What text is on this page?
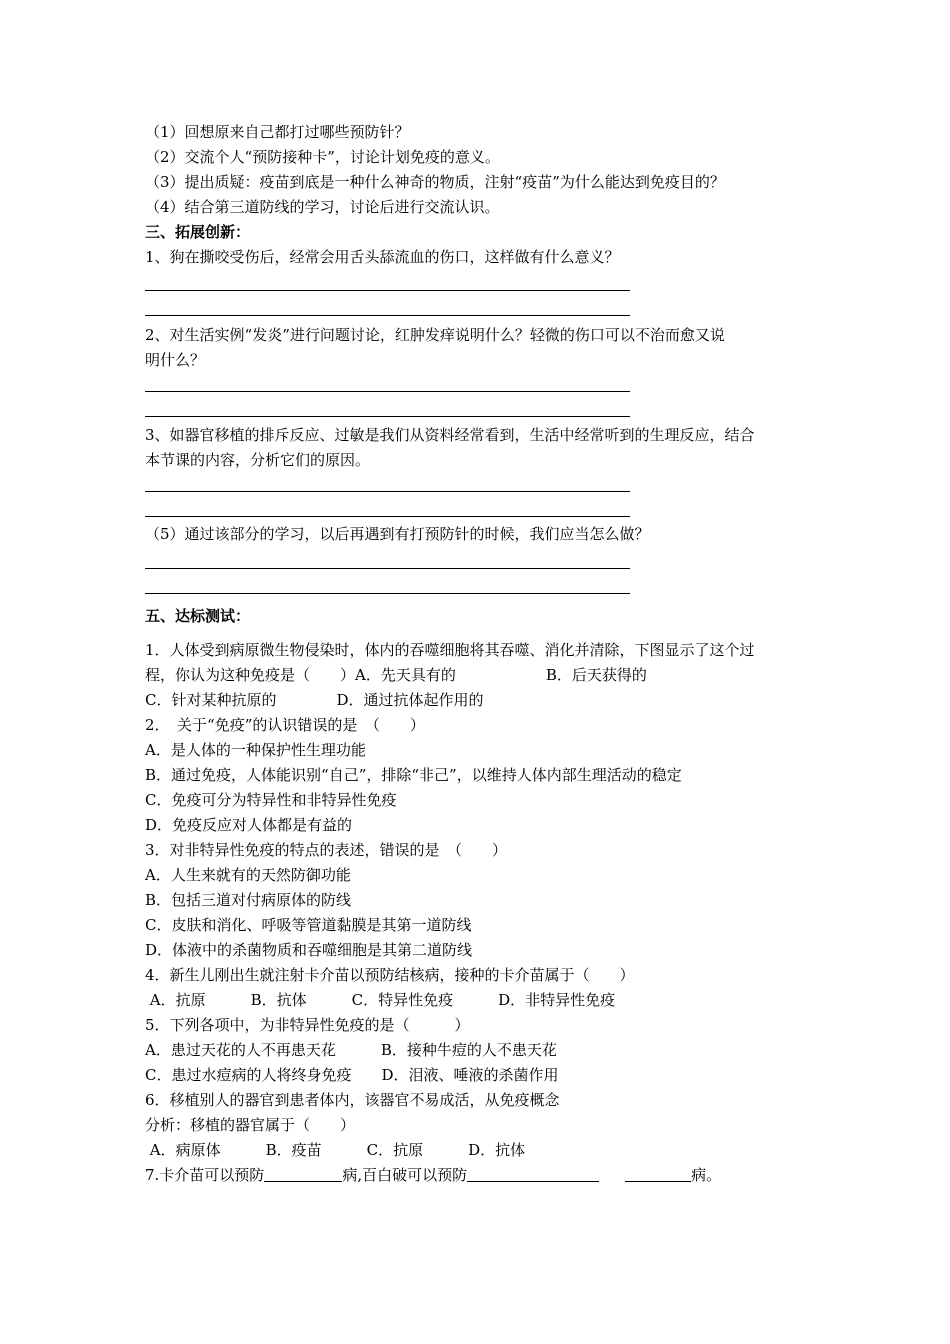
（1）回想原来自己都打过哪些预防针？
（2）交流个人“预防接种卡”，讨论计划免疫的意义。
（3）提出质疑：疫苗到底是一种什么神奇的物质，注射“疫苗”为什么能达到免疫目的？
（4）结合第三道防线的学习，讨论后进行交流认识。
三、拓展创新：
1、狗在撕咬受伤后，经常会用舌头舔流血的伤口，这样做有什么意义？
2、对生活实例“发炎”进行问题讨论，红肿发痒说明什么？轻微的伤口可以不治而愈又说
明什么？
3、如器官移植的排斥反应、过敏是我们从资料经常看到，生活中经常听到的生理反应，结合
本节课的内容，分析它们的原因。
（5）通过该部分的学习，以后再遇到有打预防针的时候，我们应当怎么做？
五、达标测试：
1．人体受到病原微生物侵染时，体内的吞噬细胞将其吞噬、消化并清除，下图显示了这个过
程，你认为这种免疫是（　　）A．先天具有的　　　　　　B．后天获得的
C．针对某种抗原的　　　　D．通过抗体起作用的
2．　关于“免疫”的认识错误的是　（　　）
A．是人体的一种保护性生理功能
B．通过免疫，人体能识别“自己”，排除“非己”，以维持人体内部生理活动的稳定
C．免疫可分为特异性和非特异性免疫
D．免疫反应对人体都是有益的
3．对非特异性免疫的特点的表述，错误的是　（　　）
A．人生来就有的天然防御功能
B．包括三道对付病原体的防线
C．皮肤和消化、呼吸等管道黏膜是其第一道防线
D．体液中的杀菌物质和吞噬细胞是其第二道防线
4．新生儿刚出生就注射卡介苗以预防结核病，接种的卡介苗属于（　　）
A．抗原　　　B．抗体　　　C．特异性免疫　　　D．非特异性免疫
5．下列各项中，为非特异性免疫的是（　　　）
A．患过天花的人不再患天花　　　B．接种牛痘的人不患天花
C．患过水痘病的人将终身免疫　　D．泪液、唾液的杀菌作用
6．移植别人的器官到患者体内，该器官不易成活，从免疫概念
分析：移植的器官属于（　　）
A．病原体　　　B．疫苗　　　C．抗原　　　D．抗体
7.卡介苗可以预防	病,百白破可以预防	病。
